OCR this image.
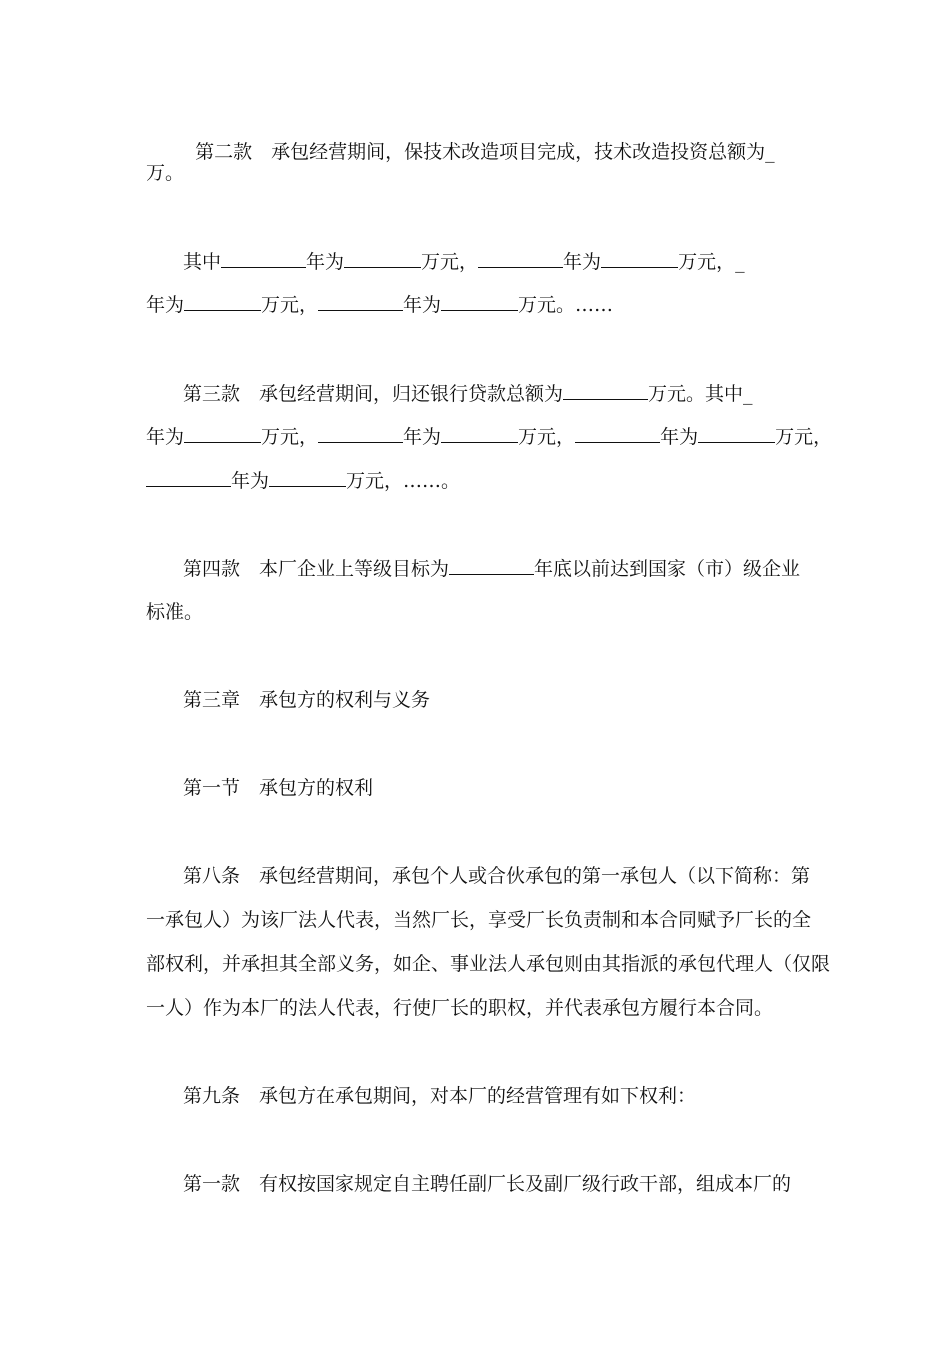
第二款　承包经营期间，保技术改造项目完成，技术改造投资总额为_

万。
其中	年为	万元，	年为	万元，_
年为	万元，	年为	万元。……
第三款　承包经营期间，归还银行贷款总额为	万元。其中_
年为	万元，	年为	万元，	年为	万元，
年为	万元，……。
第四款　本厂企业上等级目标为	年底以前达到国家（市）级企业
标准。
第三章　承包方的权利与义务
第一节　承包方的权利
第八条　承包经营期间，承包个人或合伙承包的第一承包人（以下简称：第
一承包人）为该厂法人代表，当然厂长，享受厂长负责制和本合同赋予厂长的全
部权利，并承担其全部义务，如企、事业法人承包则由其指派的承包代理人（仅限
一人）作为本厂的法人代表，行使厂长的职权，并代表承包方履行本合同。
第九条　承包方在承包期间，对本厂的经营管理有如下权利：
第一款　有权按国家规定自主聘任副厂长及副厂级行政干部，组成本厂的
